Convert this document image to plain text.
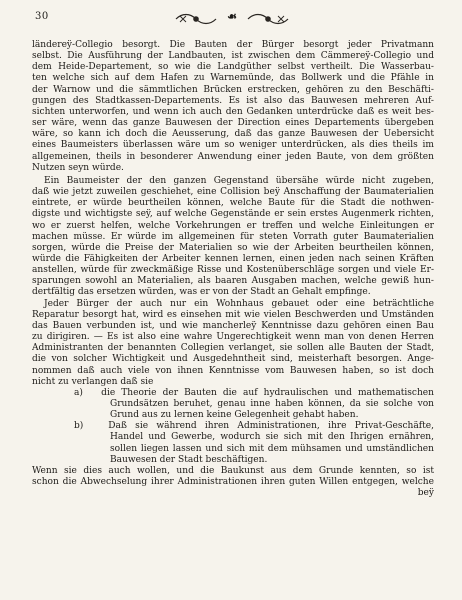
30	☙
ländereÿ-Collegio besorgt. Die Bauten der Bürger besorgt jeder Privatmann
selbst. Die Ausführung der Landbauten, ist zwischen dem Cämmereÿ-Collegio und
dem Heide-Departement, so wie die Landgüther selbst vertheilt. Die Wasserbau-
ten welche sich auf dem Hafen zu Warnemünde, das Bollwerk und die Pfähle in
der Warnow und die sämmtlichen Brücken erstrecken, gehören zu den Beschäfti-
gungen des Stadtkassen-Departements. Es ist also das Bauwesen mehreren Auf-
sichten unterworfen, und wenn ich auch den Gedanken unterdrücke daß es weit bes-
ser wäre, wenn das ganze Bauwesen der Direction eines Departements übergeben
wäre, so kann ich doch die Aeusserung, daß das ganze Bauwesen der Uebersicht
eines Baumeisters überlassen wäre um so weniger unterdrücken, als dies theils im
allgemeinen, theils in besonderer Anwendung einer jeden Baute, von dem größten
Nutzen seyn würde.
Ein Baumeister der den ganzen Gegenstand übersähe würde nicht zugeben,
daß wie jetzt zuweilen geschiehet, eine Collision beÿ Anschaffung der Baumaterialien
eintrete, er würde beurtheilen können, welche Baute für die Stadt die nothwen-
digste und wichtigste seÿ, auf welche Gegenstände er sein erstes Augenmerk richten,
wo er zuerst helfen, welche Vorkehrungen er treffen und welche Einleitungen er
machen müsse. Er würde im allgemeinen für steten Vorrath guter Baumaterialien
sorgen, würde die Preise der Materialien so wie der Arbeiten beurtheilen können,
würde die Fähigkeiten der Arbeiter kennen lernen, einen jeden nach seinen Kräften
anstellen, würde für zweckmäßige Risse und Kostenüberschläge sorgen und viele Er-
sparungen sowohl an Materialien, als baaren Ausgaben machen, welche gewiß hun-
dertfältig das ersetzen würden, was er von der Stadt an Gehalt empfinge.
Jeder Bürger der auch nur ein Wohnhaus gebauet oder eine beträchtliche
Reparatur besorgt hat, wird es einsehen mit wie vielen Beschwerden und Umständen
das Bauen verbunden ist, und wie mancherleÿ Kenntnisse dazu gehören einen Bau
zu dirigiren. — Es ist also eine wahre Ungerechtigkeit wenn man von denen Herren
Administranten der benannten Collegien verlanget, sie sollen alle Bauten der Stadt,
die von solcher Wichtigkeit und Ausgedehntheit sind, meisterhaft besorgen. Ange-
nommen daß auch viele von ihnen Kenntnisse vom Bauwesen haben, so ist doch
nicht zu verlangen daß sie
a) die Theorie der Bauten die auf hydraulischen und mathematischen
Grundsätzen beruhet, genau inne haben können, da sie solche von
Grund aus zu lernen keine Gelegenheit gehabt haben.
b)	Daß sie während ihren Administrationen, ihre Privat-Geschäfte,
Handel und Gewerbe, wodurch sie sich mit den Ihrigen ernähren,
sollen liegen lassen und sich mit dem mühsamen und umständlichen
Bauwesen der Stadt beschäftigen.
Wenn sie dies auch wollen, und die Baukunst aus dem Grunde kennten, so ist
schon die Abwechselung ihrer Administrationen ihren guten Willen entgegen, welche
beÿ
